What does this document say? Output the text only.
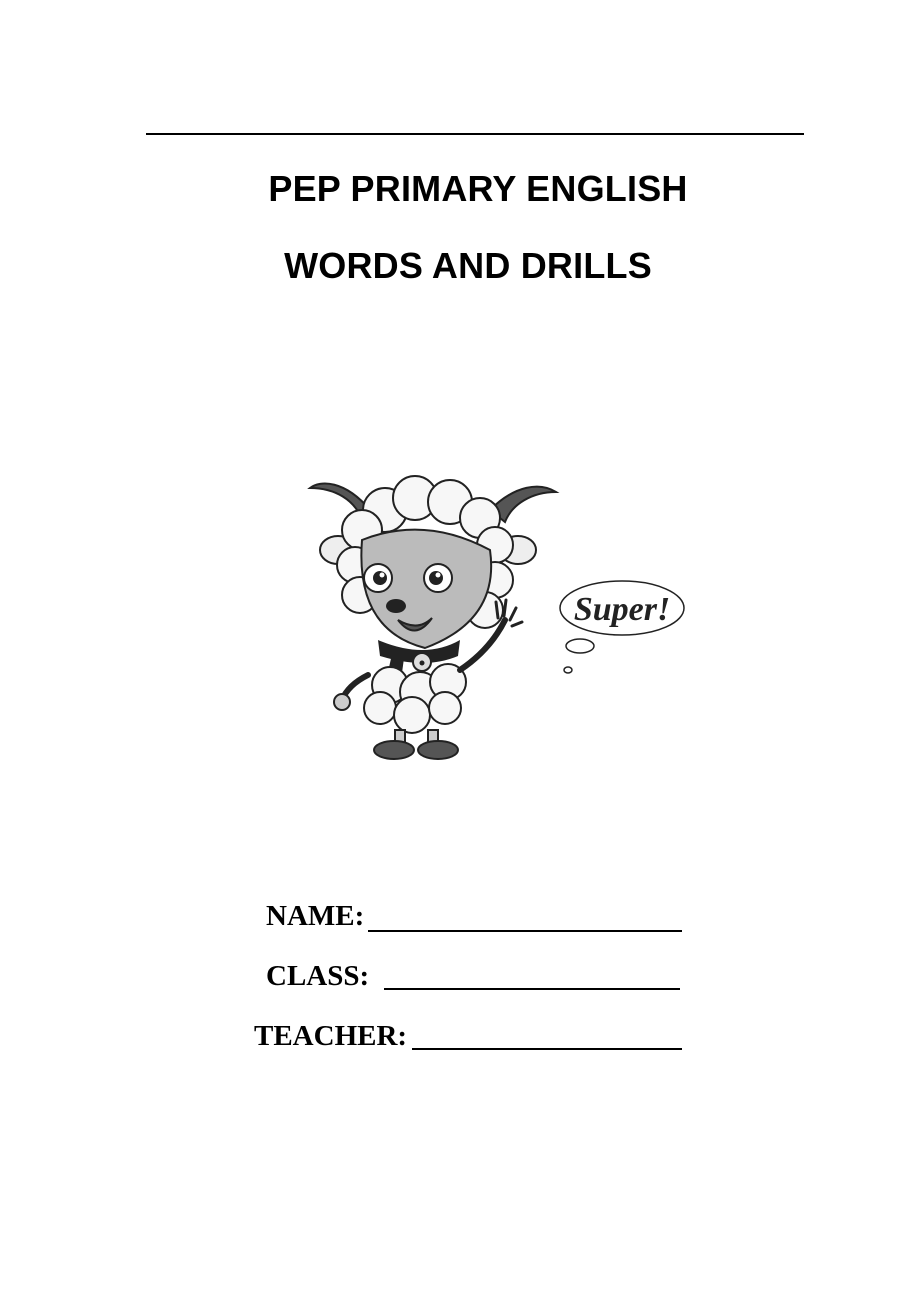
PEP PRIMARY ENGLISH
WORDS AND DRILLS
Super!
NAME:
CLASS:
TEACHER:
